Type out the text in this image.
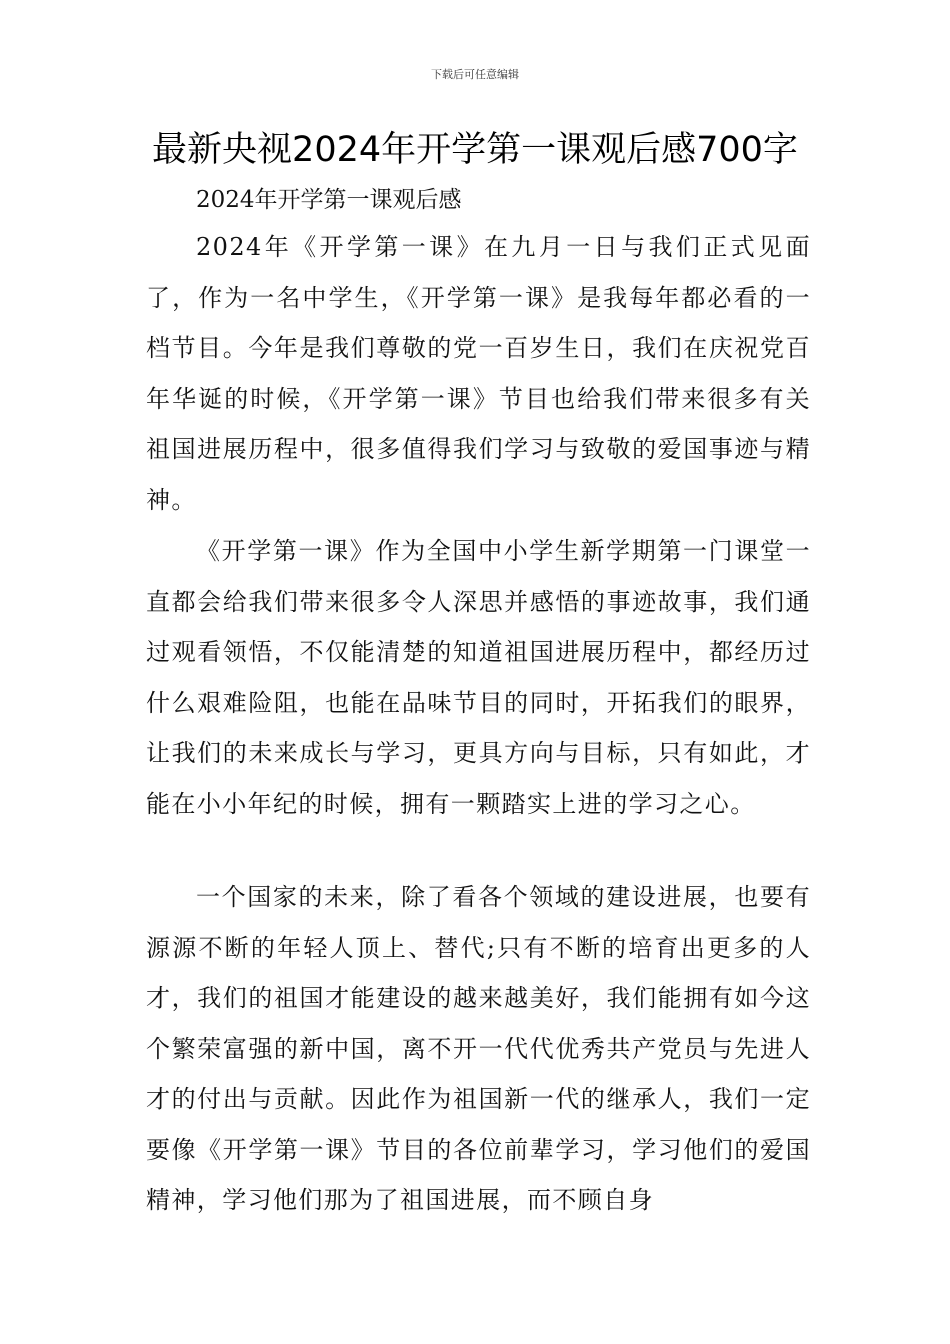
下载后可任意编辑
最新央视2024年开学第一课观后感700字
2024年开学第一课观后感

2024年《开学第一课》在九月一日与我们正式见面了，作为一名中学生，《开学第一课》是我每年都必看的一档节目。今年是我们尊敬的党一百岁生日，我们在庆祝党百年华诞的时候，《开学第一课》节目也给我们带来很多有关祖国进展历程中，很多值得我们学习与致敬的爱国事迹与精神。

《开学第一课》作为全国中小学生新学期第一门课堂一直都会给我们带来很多令人深思并感悟的事迹故事，我们通过观看领悟，不仅能清楚的知道祖国进展历程中，都经历过什么艰难险阻，也能在品味节目的同时，开拓我们的眼界，让我们的未来成长与学习，更具方向与目标，只有如此，才能在小小年纪的时候，拥有一颗踏实上进的学习之心。

一个国家的未来，除了看各个领域的建设进展，也要有源源不断的年轻人顶上、替代;只有不断的培育出更多的人才，我们的祖国才能建设的越来越美好，我们能拥有如今这个繁荣富强的新中国，离不开一代代优秀共产党员与先进人才的付出与贡献。因此作为祖国新一代的继承人，我们一定要像《开学第一课》节目的各位前辈学习，学习他们的爱国精神，学习他们那为了祖国进展，而不顾自身
